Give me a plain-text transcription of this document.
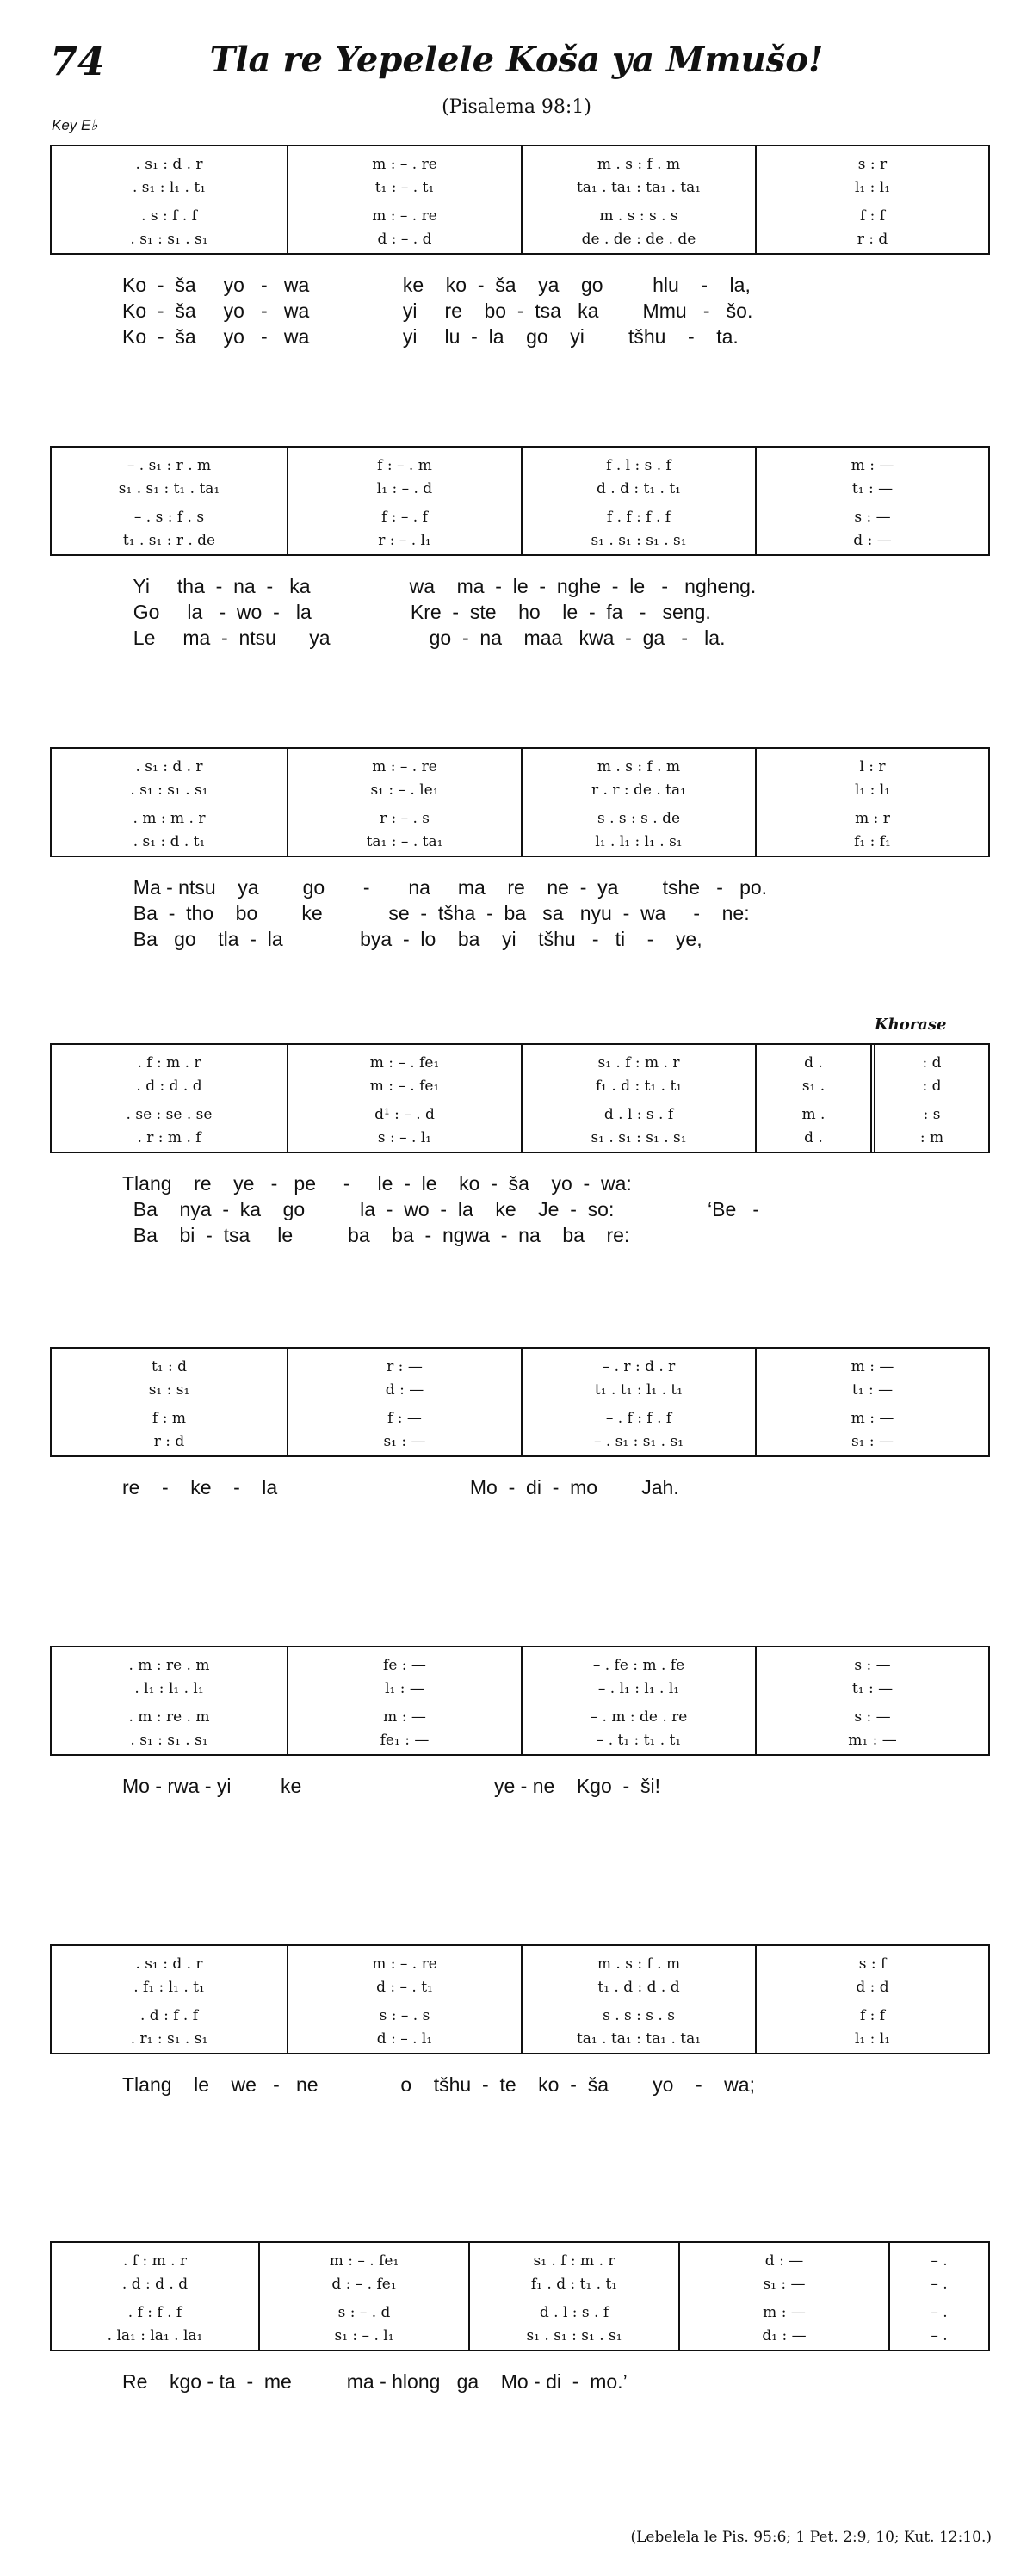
74	Tla re Yepelele Koša ya Mmušo!
(Pisalema 98:1)
Key E♭
Khorase
. s₁ : d . r
. s₁ : l₁ . t₁
. s : f . f
. s₁ : s₁ . s₁
m : – . re
t₁ : – . t₁
m : – . re
d : – . d
m . s : f . m
ta₁ . ta₁ : ta₁ . ta₁
m . s : s . s
de . de : de . de
s : r
l₁ : l₁
f : f
r : d
Ko  -  ša     yo   -   wa                 ke    ko  -  ša    ya    go         hlu    -    la,
Ko  -  ša     yo   -   wa                 yi     re    bo  -  tsa   ka        Mmu   -   šo.
Ko  -  ša     yo   -   wa                 yi     lu  -  la    go    yi        tšhu    -    ta.
– . s₁ : r . m
s₁ . s₁ : t₁ . ta₁
– . s : f . s
t₁ . s₁ : r . de
f : – . m
l₁ : – . d
f : – . f
r : – . l₁
f . l : s . f
d . d : t₁ . t₁
f . f : f . f
s₁ . s₁ : s₁ . s₁
m : —
t₁ : —
s : —
d : —
Yi     tha  -  na  -   ka                  wa    ma  -  le  -  nghe  -  le   -   ngheng.
Go     la   -  wo  -   la                  Kre  -  ste    ho    le  -  fa   -   seng.
Le     ma  -  ntsu      ya                  go  -  na    maa   kwa  -  ga   -   la.
. s₁ : d . r
. s₁ : s₁ . s₁
. m : m . r
. s₁ : d . t₁
m : – . re
s₁ : – . le₁
r : – . s
ta₁ : – . ta₁
m . s : f . m
r . r : de . ta₁
s . s : s . de
l₁ . l₁ : l₁ . s₁
l : r
l₁ : l₁
m : r
f₁ : f₁
Ma - ntsu    ya        go       -       na     ma    re    ne  -  ya        tshe   -   po.
Ba  -  tho    bo        ke            se  -  tšha  -  ba   sa   nyu  -  wa     -    ne:
Ba   go    tla  -  la              bya  -  lo    ba    yi    tšhu   -   ti    -    ye,
. f : m . r
. d : d . d
. se : se . se
. r : m . f
m : – . fe₁
m : – . fe₁
d¹ : – . d
s : – . l₁
s₁ . f : m . r
f₁ . d : t₁ . t₁
d . l : s . f
s₁ . s₁ : s₁ . s₁
d .
s₁ .
m .
d .
: d
: d
: s
: m
Tlang    re    ye   -   pe     -     le  -  le    ko  -  ša    yo  -  wa:
Ba    nya  -  ka    go          la  -  wo  -  la    ke    Je  -  so:                 ‘Be   -
Ba    bi  -  tsa     le          ba    ba  -  ngwa  -  na    ba    re:
t₁ : d
s₁ : s₁
f : m
r : d
r : —
d : —
f : —
s₁ : —
– . r : d . r
t₁ . t₁ : l₁ . t₁
– . f : f . f
– . s₁ : s₁ . s₁
m : —
t₁ : —
m : —
s₁ : —
re    -    ke    -    la                                   Mo  -  di  -  mo        Jah.
. m : re . m
. l₁ : l₁ . l₁
. m : re . m
. s₁ : s₁ . s₁
fe : —
l₁ : —
m : —
fe₁ : —
– . fe : m . fe
– . l₁ : l₁ . l₁
– . m : de . re
– . t₁ : t₁ . t₁
s : —
t₁ : —
s : —
m₁ : —
Mo - rwa - yi         ke                                   ye - ne    Kgo  -  ši!
. s₁ : d . r
. f₁ : l₁ . t₁
. d : f . f
. r₁ : s₁ . s₁
m : – . re
d : – . t₁
s : – . s
d : – . l₁
m . s : f . m
t₁ . d : d . d
s . s : s . s
ta₁ . ta₁ : ta₁ . ta₁
s : f
d : d
f : f
l₁ : l₁
Tlang    le    we   -   ne               o    tšhu  -  te    ko  -  ša        yo    -    wa;
. f : m . r
. d : d . d
. f : f . f
. la₁ : la₁ . la₁
m : – . fe₁
d : – . fe₁
s : – . d
s₁ : – . l₁
s₁ . f : m . r
f₁ . d : t₁ . t₁
d . l : s . f
s₁ . s₁ : s₁ . s₁
d : —
s₁ : —
m : —
d₁ : —
– .
– .
– .
– .
Re    kgo - ta  -  me          ma - hlong   ga    Mo - di  -  mo.’
(Lebelela le Pis. 95:6; 1 Pet. 2:9, 10; Kut. 12:10.)
